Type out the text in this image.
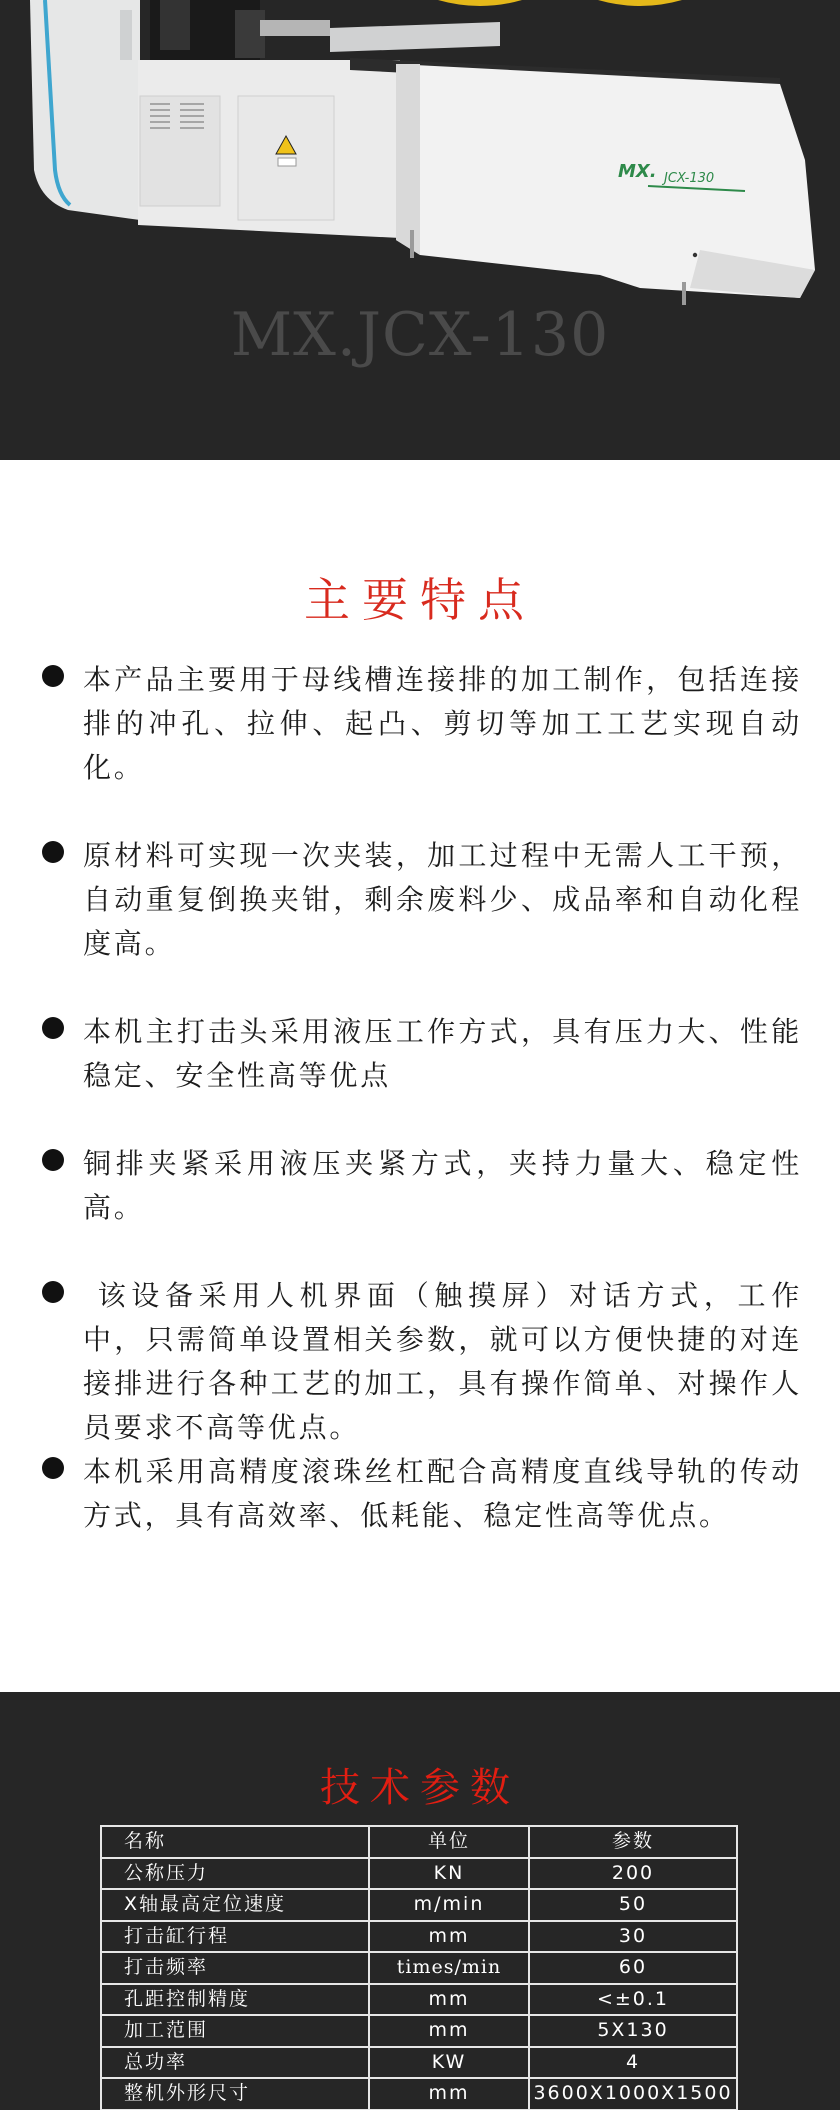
MX. JCX-130
MX.JCX-130
主要特点
本产品主要用于母线槽连接排的加工制作，包括连接排的冲孔、拉伸、起凸、剪切等加工工艺实现自动化。
原材料可实现一次夹装，加工过程中无需人工干预，自动重复倒换夹钳，剩余废料少、成品率和自动化程度高。
本机主打击头采用液压工作方式，具有压力大、性能稳定、安全性高等优点
铜排夹紧采用液压夹紧方式，夹持力量大、稳定性高。
该设备采用人机界面（触摸屏）对话方式，工作中，只需简单设置相关参数，就可以方便快捷的对连接排进行各种工艺的加工，具有操作简单、对操作人员要求不高等优点。
本机采用高精度滚珠丝杠配合高精度直线导轨的传动方式，具有高效率、低耗能、稳定性高等优点。
技术参数
名称	单位	参数
公称压力	KN	200
X轴最高定位速度	m/min	50
打击缸行程	mm	30
打击频率	times/min	60
孔距控制精度	mm	<±0.1
加工范围	mm	5X130
总功率	KW	4
整机外形尺寸	mm	3600X1000X1500
